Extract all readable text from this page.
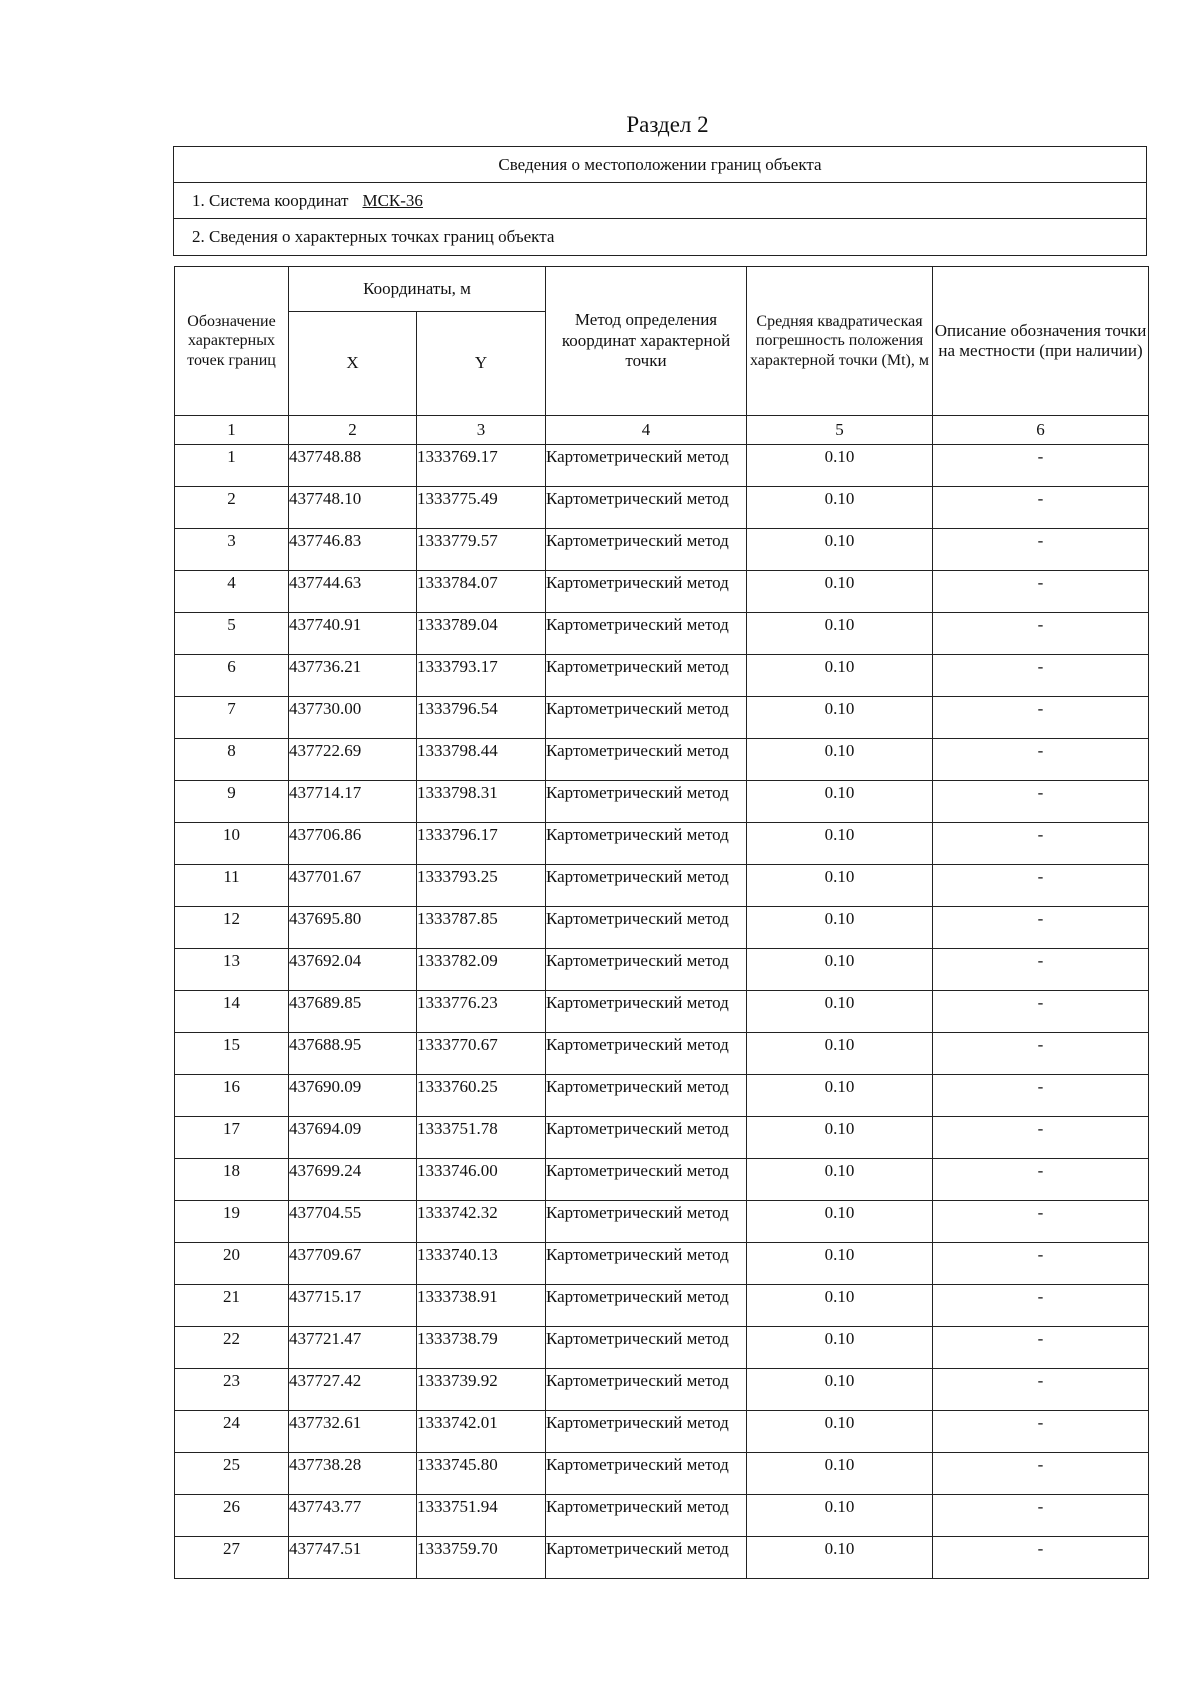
Раздел 2
Сведения о местоположении границ объекта
1. Система координат МСК-36
2. Сведения о характерных точках границ объекта
Обозначение характерных точек границ	Координаты, м		Метод определения координат характерной точки	Средняя квадратическая погрешность положения характерной точки (Mt), м	Описание обозначения точки на местности (при наличии)
	X	Y			
1	2	3	4	5	6
1	437748.88	1333769.17	Картометрический метод	0.10	-
2	437748.10	1333775.49	Картометрический метод	0.10	-
3	437746.83	1333779.57	Картометрический метод	0.10	-
4	437744.63	1333784.07	Картометрический метод	0.10	-
5	437740.91	1333789.04	Картометрический метод	0.10	-
6	437736.21	1333793.17	Картометрический метод	0.10	-
7	437730.00	1333796.54	Картометрический метод	0.10	-
8	437722.69	1333798.44	Картометрический метод	0.10	-
9	437714.17	1333798.31	Картометрический метод	0.10	-
10	437706.86	1333796.17	Картометрический метод	0.10	-
11	437701.67	1333793.25	Картометрический метод	0.10	-
12	437695.80	1333787.85	Картометрический метод	0.10	-
13	437692.04	1333782.09	Картометрический метод	0.10	-
14	437689.85	1333776.23	Картометрический метод	0.10	-
15	437688.95	1333770.67	Картометрический метод	0.10	-
16	437690.09	1333760.25	Картометрический метод	0.10	-
17	437694.09	1333751.78	Картометрический метод	0.10	-
18	437699.24	1333746.00	Картометрический метод	0.10	-
19	437704.55	1333742.32	Картометрический метод	0.10	-
20	437709.67	1333740.13	Картометрический метод	0.10	-
21	437715.17	1333738.91	Картометрический метод	0.10	-
22	437721.47	1333738.79	Картометрический метод	0.10	-
23	437727.42	1333739.92	Картометрический метод	0.10	-
24	437732.61	1333742.01	Картометрический метод	0.10	-
25	437738.28	1333745.80	Картометрический метод	0.10	-
26	437743.77	1333751.94	Картометрический метод	0.10	-
27	437747.51	1333759.70	Картометрический метод	0.10	-
